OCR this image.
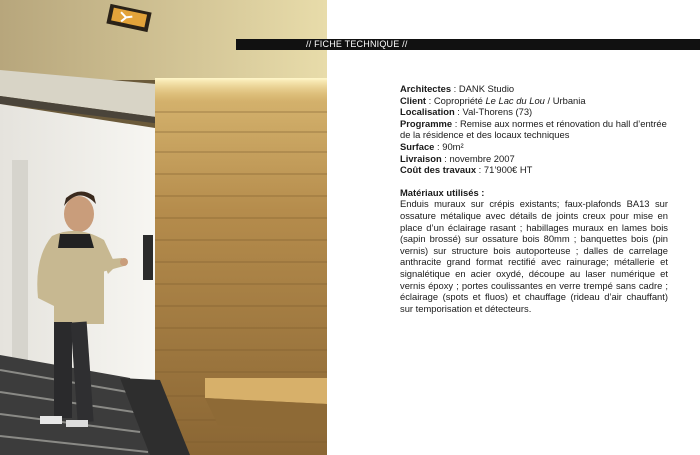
// FICHE TECHNIQUE //

Architectes : DANK Studio

Client : Copropriété Le Lac du Lou / Urbania

Localisation : Val-Thorens (73)

Programme : Remise aux normes et rénovation du hall d’entrée de la résidence et des locaux techniques

Surface : 90m²

Livraison : novembre 2007

Coût des travaux : 71’900€ HT

Matériaux utilisés :

Enduis muraux sur crépis existants; faux-plafonds BA13 sur ossature métalique avec détails de joints creux pour mise en place d’un éclairage rasant ; habillages muraux en lames bois (sapin brossé) sur ossature bois 80mm ; banquettes bois (pin vernis) sur structure bois autoporteuse ; dalles de carrelage anthracite grand format rectifié avec rainurage; métallerie et signalétique en acier oxydé, découpe au laser numérique et vernis époxy ; portes coulissantes en verre trempé sans cadre ; éclairage (spots et fluos) et chauffage (rideau d’air chauffant) sur temporisation et détecteurs.
